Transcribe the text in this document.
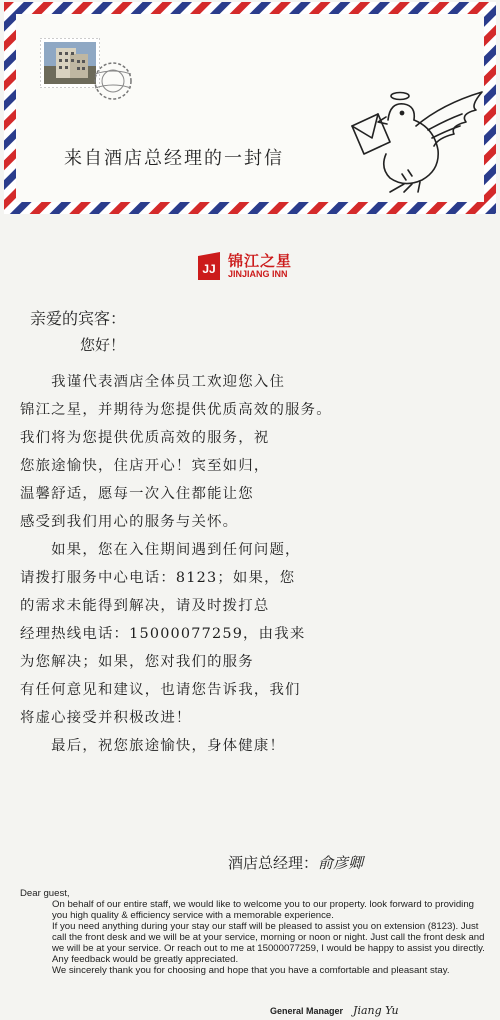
来自酒店总经理的一封信
JJ 锦江之星
JINJIANG INN
亲爱的宾客：
您好！
　　我谨代表酒店全体员工欢迎您入住
锦江之星，并期待为您提供优质高效的服务。
我们将为您提供优质高效的服务，祝
您旅途愉快，住店开心！宾至如归，
温馨舒适，愿每一次入住都能让您
感受到我们用心的服务与关怀。
　　如果，您在入住期间遇到任何问题，
请拨打服务中心电话：8123；如果，您
的需求未能得到解决，请及时拨打总
经理热线电话：15000077259，由我来
为您解决；如果，您对我们的服务
有任何意见和建议，也请您告诉我，我们
将虚心接受并积极改进！
　　最后，祝您旅途愉快，身体健康！
酒店总经理：俞彦卿

Dear guest,

On behalf of our entire staff, we would like to welcome you to our property. look forward to providing you high quality & efficiency service with a memorable experience.

If you need anything during your stay our staff will be pleased to assist you on extension (8123). Just call the front desk and we will be at your service, morning or noon or night. Just call the front desk and we will be at your service. Or reach out to me at 15000077259, I would be happy to assist you directly. Any feedback would be greatly appreciated.

We sincerely thank you for choosing and hope that you have a comfortable and pleasant stay.

General Manager Jiang Yu
